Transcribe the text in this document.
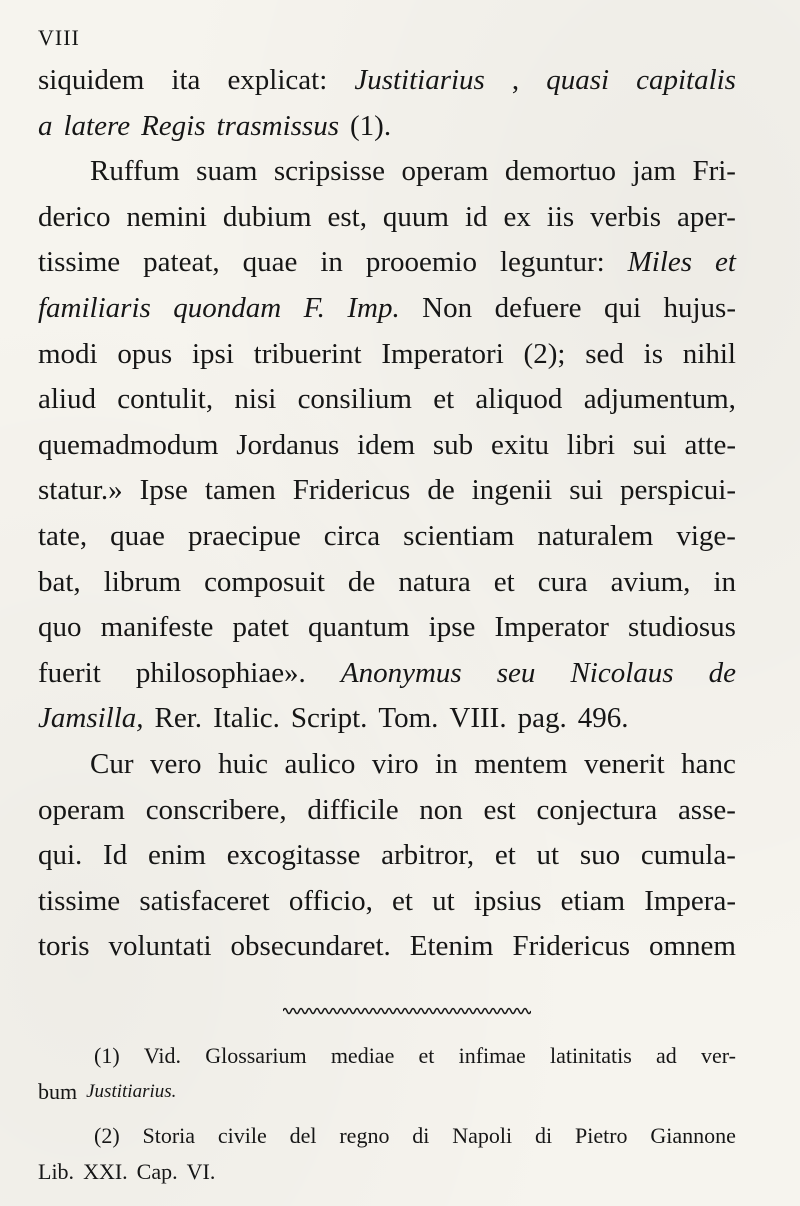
VIII
siquidem ita explicat: Justitiarius , quasi capitalis
a latere Regis trasmissus (1).
Ruffum suam scripsisse operam demortuo jam Fri-
derico nemini dubium est, quum id ex iis verbis aper-
tissime pateat, quae in prooemio leguntur: Miles et
familiaris quondam F. Imp. Non defuere qui hujus-
modi opus ipsi tribuerint Imperatori (2); sed is nihil
aliud contulit, nisi consilium et aliquod adjumentum,
quemadmodum Jordanus idem sub exitu libri sui atte-
statur.» Ipse tamen Fridericus de ingenii sui perspicui-
tate, quae praecipue circa scientiam naturalem vige-
bat, librum composuit de natura et cura avium, in
quo manifeste patet quantum ipse Imperator studiosus
fuerit philosophiae». Anonymus seu Nicolaus de
Jamsilla, Rer. Italic. Script. Tom. VIII. pag. 496.
Cur vero huic aulico viro in mentem venerit hanc
operam conscribere, difficile non est conjectura asse-
qui. Id enim excogitasse arbitror, et ut suo cumula-
tissime satisfaceret officio, et ut ipsius etiam Impera-
toris voluntati obsecundaret. Etenim Fridericus omnem
(1) Vid. Glossarium mediae et infimae latinitatis ad ver-
bum Justitiarius.
(2) Storia civile del regno di Napoli di Pietro Giannone
Lib. XXI. Cap. VI.
